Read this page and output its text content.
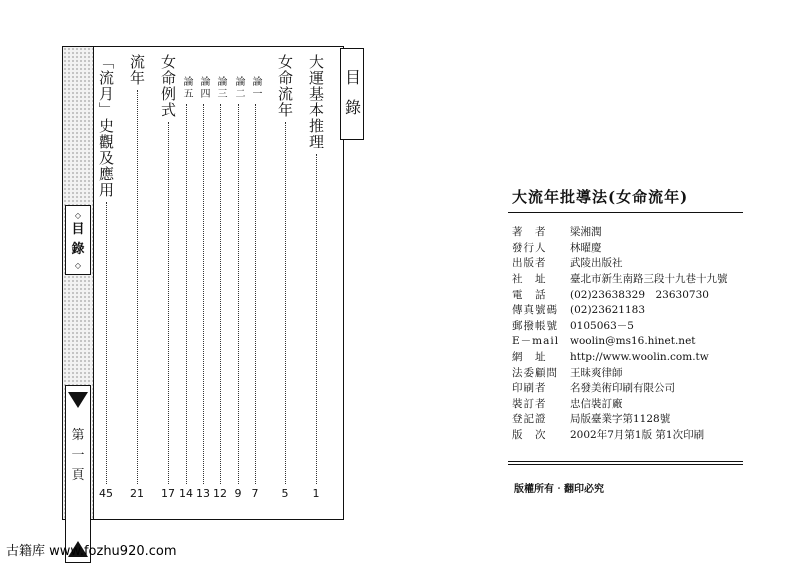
◇
目
錄
◇
第
一
頁
目錄
大運基本推理
1
女命流年
5
論一
7
論二
9
論三
12
論四
13
論五
14
女命例式
17
流年
21
「流月」史觀及應用
45
大流年批導法(女命流年)
著　者	梁湘潤
發行人	林曜慶
出版者	武陵出版社
社　址	臺北市新生南路三段十九巷十九號
電　話	(02)23638329　23630730
傳真號碼	(02)23621183
郵撥帳號	0105063－5
E－mail	woolin@ms16.hinet.net
網　址	http://www.woolin.com.tw
法委顧問	王昧爽律師
印刷者	名發美術印刷有限公司
裝訂者	忠信裝訂廠
登記證	局版臺業字第1128號
版　次	2002年7月第1版 第1次印刷
版權所有‧翻印必究
古籍库 www.fozhu920.com
